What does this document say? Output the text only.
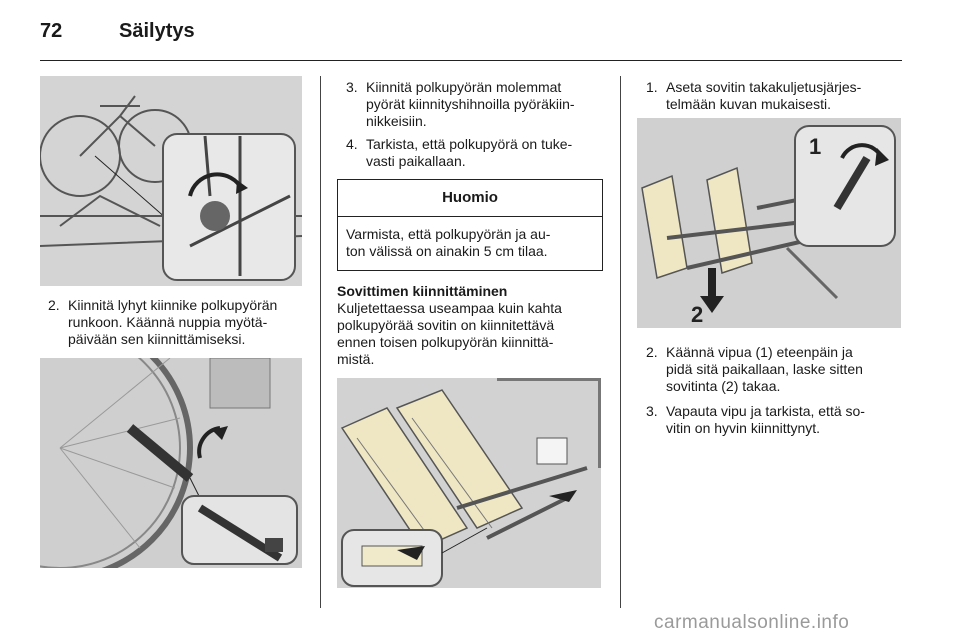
72	Säilytys
2. Kiinnitä lyhyt kiinnike polkupyörän
runkoon. Käännä nuppia myötä-
päivään sen kiinnittämiseksi.
3. Kiinnitä polkupyörän molemmat
pyörät kiinnityshihnoilla pyöräkiin-
nikkeisiin.
4. Tarkista, että polkupyörä on tuke-
vasti paikallaan.
Huomio
Varmista, että polkupyörän ja au-
ton välissä on ainakin 5 cm tilaa.
Sovittimen kiinnittäminen
Kuljetettaessa useampaa kuin kahta
polkupyörää sovitin on kiinnitettävä
ennen toisen polkupyörän kiinnittä-
mistä.
1. Aseta sovitin takakuljetusjärjes-
telmään kuvan mukaisesti.
1
2
2. Käännä vipua (1) eteenpäin ja
pidä sitä paikallaan, laske sitten
sovitinta (2) takaa.
3. Vapauta vipu ja tarkista, että so-
vitin on hyvin kiinnittynyt.
carmanualsonline.info
